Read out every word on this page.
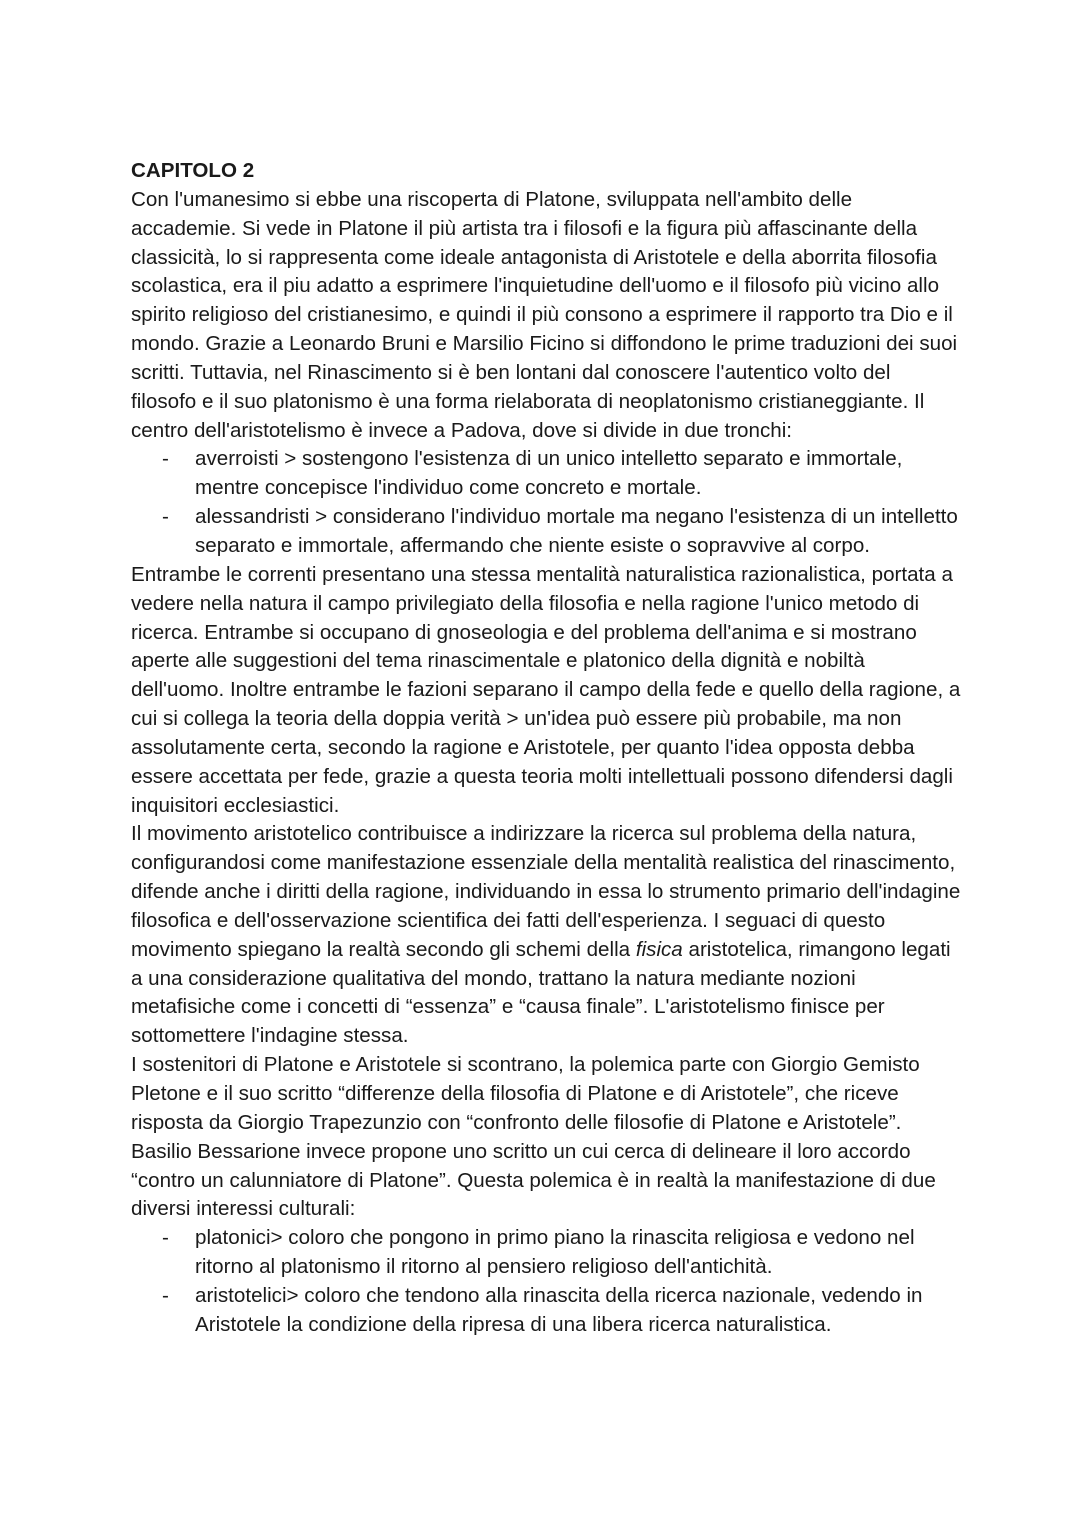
CAPITOLO 2

Con l'umanesimo si ebbe una riscoperta di Platone, sviluppata nell'ambito delle accademie. Si vede in Platone il più artista tra i filosofi e la figura più affascinante della classicità, lo si rappresenta come ideale antagonista di Aristotele e della aborrita filosofia scolastica, era il piu adatto a esprimere l'inquietudine dell'uomo e il filosofo più vicino allo spirito religioso del cristianesimo, e quindi il più consono a esprimere il rapporto tra Dio e il mondo. Grazie a Leonardo Bruni e Marsilio Ficino si diffondono le prime traduzioni dei suoi scritti. Tuttavia, nel Rinascimento si è ben lontani dal conoscere l'autentico volto del filosofo e il suo platonismo è una forma rielaborata di neoplatonismo cristianeggiante. Il centro dell'aristotelismo è invece a Padova, dove si divide in due tronchi:

- averroisti > sostengono l'esistenza di un unico intelletto separato e immortale, mentre concepisce l'individuo come concreto e mortale.
- alessandristi > considerano l'individuo mortale ma negano l'esistenza di un intelletto separato e immortale, affermando che niente esiste o sopravvive al corpo.

Entrambe le correnti presentano una stessa mentalità naturalistica razionalistica, portata a vedere nella natura il campo privilegiato della filosofia e nella ragione l'unico metodo di ricerca. Entrambe si occupano di gnoseologia e del problema dell'anima e si mostrano aperte alle suggestioni del tema rinascimentale e platonico della dignità e nobiltà dell'uomo. Inoltre entrambe le fazioni separano il campo della fede e quello della ragione, a cui si collega la teoria della doppia verità > un'idea può essere più probabile, ma non assolutamente certa, secondo la ragione e Aristotele, per quanto l'idea opposta debba essere accettata per fede, grazie a questa teoria molti intellettuali possono difendersi dagli inquisitori ecclesiastici.

Il movimento aristotelico contribuisce a indirizzare la ricerca sul problema della natura, configurandosi come manifestazione essenziale della mentalità realistica del rinascimento, difende anche i diritti della ragione, individuando in essa lo strumento primario dell'indagine filosofica e dell'osservazione scientifica dei fatti dell'esperienza. I seguaci di questo movimento spiegano la realtà secondo gli schemi della fisica aristotelica, rimangono legati a una considerazione qualitativa del mondo, trattano la natura mediante nozioni metafisiche come i concetti di “essenza” e “causa finale”. L'aristotelismo finisce per sottomettere l'indagine stessa.

I sostenitori di Platone e Aristotele si scontrano, la polemica parte con Giorgio Gemisto Pletone e il suo scritto “differenze della filosofia di Platone e di Aristotele”, che riceve risposta da Giorgio Trapezunzio con “confronto delle filosofie di Platone e Aristotele”. Basilio Bessarione invece propone uno scritto un cui cerca di delineare il loro accordo “contro un calunniatore di Platone”. Questa polemica è in realtà la manifestazione di due diversi interessi culturali:

- platonici> coloro che pongono in primo piano la rinascita religiosa e vedono nel ritorno al platonismo il ritorno al pensiero religioso dell'antichità.
- aristotelici> coloro che tendono alla rinascita della ricerca nazionale, vedendo in Aristotele la condizione della ripresa di una libera ricerca naturalistica.
